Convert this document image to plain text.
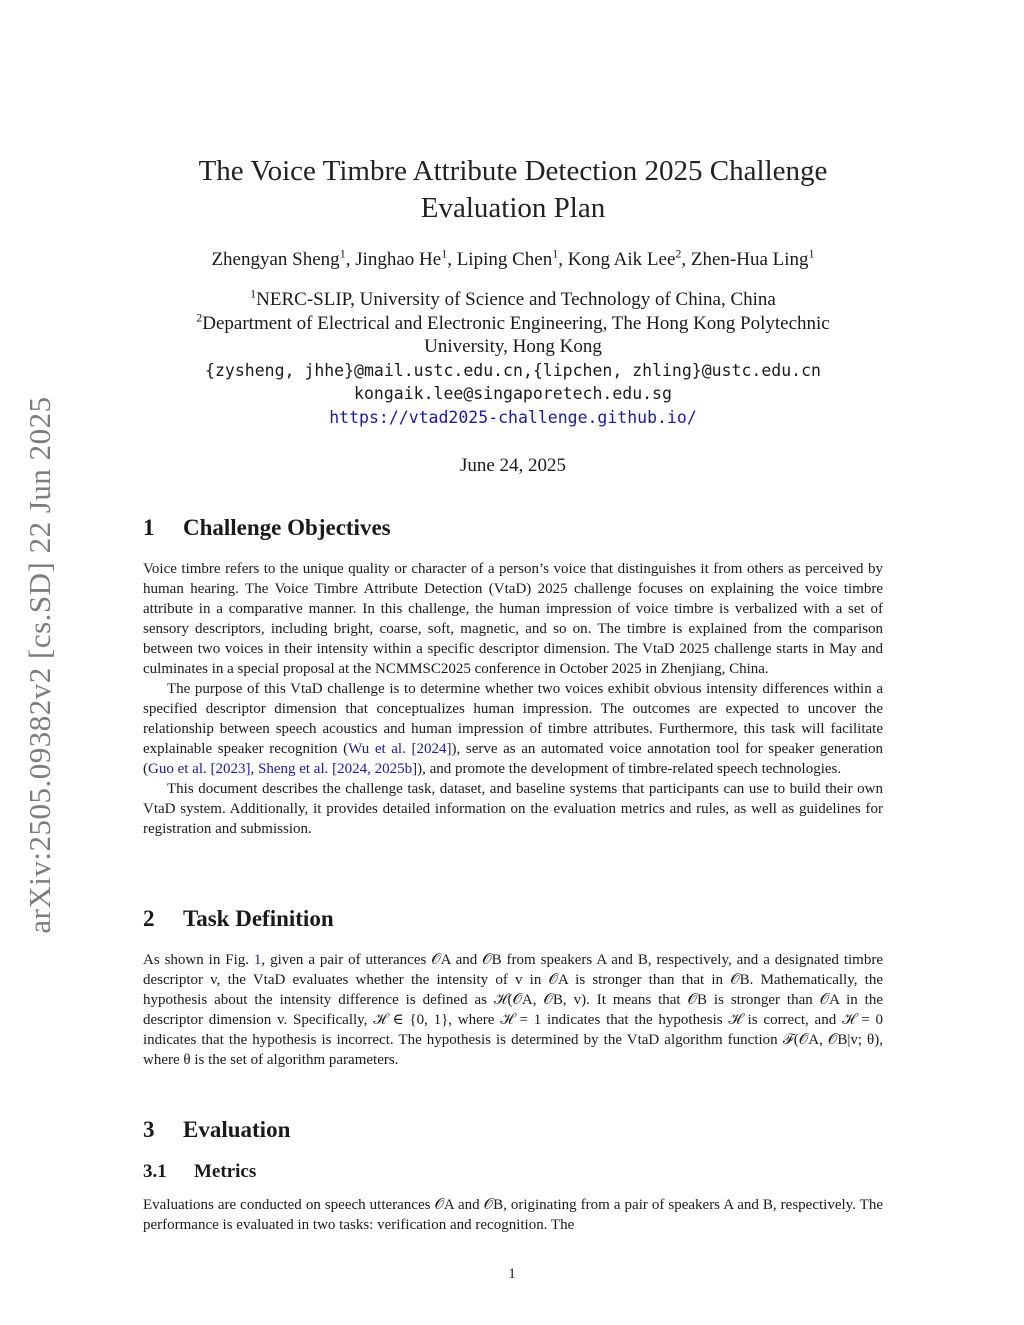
arXiv:2505.09382v2 [cs.SD] 22 Jun 2025
The Voice Timbre Attribute Detection 2025 Challenge
Evaluation Plan
Zhengyan Sheng$^1$, Jinghao He$^1$, Liping Chen$^1$, Kong Aik Lee$^2$, Zhen-Hua Ling$^1$
$^1$NERC-SLIP, University of Science and Technology of China, China
$^2$Department of Electrical and Electronic Engineering, The Hong Kong Polytechnic
University, Hong Kong
{zysheng, jhhe}@mail.ustc.edu.cn,{lipchen, zhling}@ustc.edu.cn
kongaik.lee@singaporetech.edu.sg
https://vtad2025-challenge.github.io/
June 24, 2025
1 Challenge Objectives
Voice timbre refers to the unique quality or character of a person’s voice that distinguishes it from others as perceived by human hearing. The Voice Timbre Attribute Detection (VtaD) 2025 challenge focuses on explaining the voice timbre attribute in a comparative manner. In this challenge, the human impression of voice timbre is verbalized with a set of sensory descriptors, including bright, coarse, soft, magnetic, and so on. The timbre is explained from the comparison between two voices in their intensity within a specific descriptor dimension. The VtaD 2025 challenge starts in May and culminates in a special proposal at the NCMMSC2025 conference in October 2025 in Zhenjiang, China.
The purpose of this VtaD challenge is to determine whether two voices exhibit obvious intensity differences within a specified descriptor dimension that conceptualizes human impression. The outcomes are expected to uncover the relationship between speech acoustics and human impression of timbre attributes. Furthermore, this task will facilitate explainable speaker recognition (Wu et al. [2024]), serve as an automated voice annotation tool for speaker generation (Guo et al. [2023], Sheng et al. [2024, 2025b]), and promote the development of timbre-related speech technologies.
This document describes the challenge task, dataset, and baseline systems that participants can use to build their own VtaD system. Additionally, it provides detailed information on the evaluation metrics and rules, as well as guidelines for registration and submission.
2 Task Definition
As shown in Fig. 1, given a pair of utterances 𝒪A and 𝒪B from speakers A and B, respectively, and a designated timbre descriptor v, the VtaD evaluates whether the intensity of v in 𝒪A is stronger than that in 𝒪B. Mathematically, the hypothesis about the intensity difference is defined as ℋ(𝒪A, 𝒪B, v). It means that 𝒪B is stronger than 𝒪A in the descriptor dimension v. Specifically, ℋ ∈ {0, 1}, where ℋ = 1 indicates that the hypothesis ℋ is correct, and ℋ = 0 indicates that the hypothesis is incorrect. The hypothesis is determined by the VtaD algorithm function ℱ(𝒪A, 𝒪B|v; θ), where θ is the set of algorithm parameters.
3 Evaluation
3.1 Metrics
Evaluations are conducted on speech utterances 𝒪A and 𝒪B, originating from a pair of speakers A and B, respectively. The performance is evaluated in two tasks: verification and recognition. The
1
